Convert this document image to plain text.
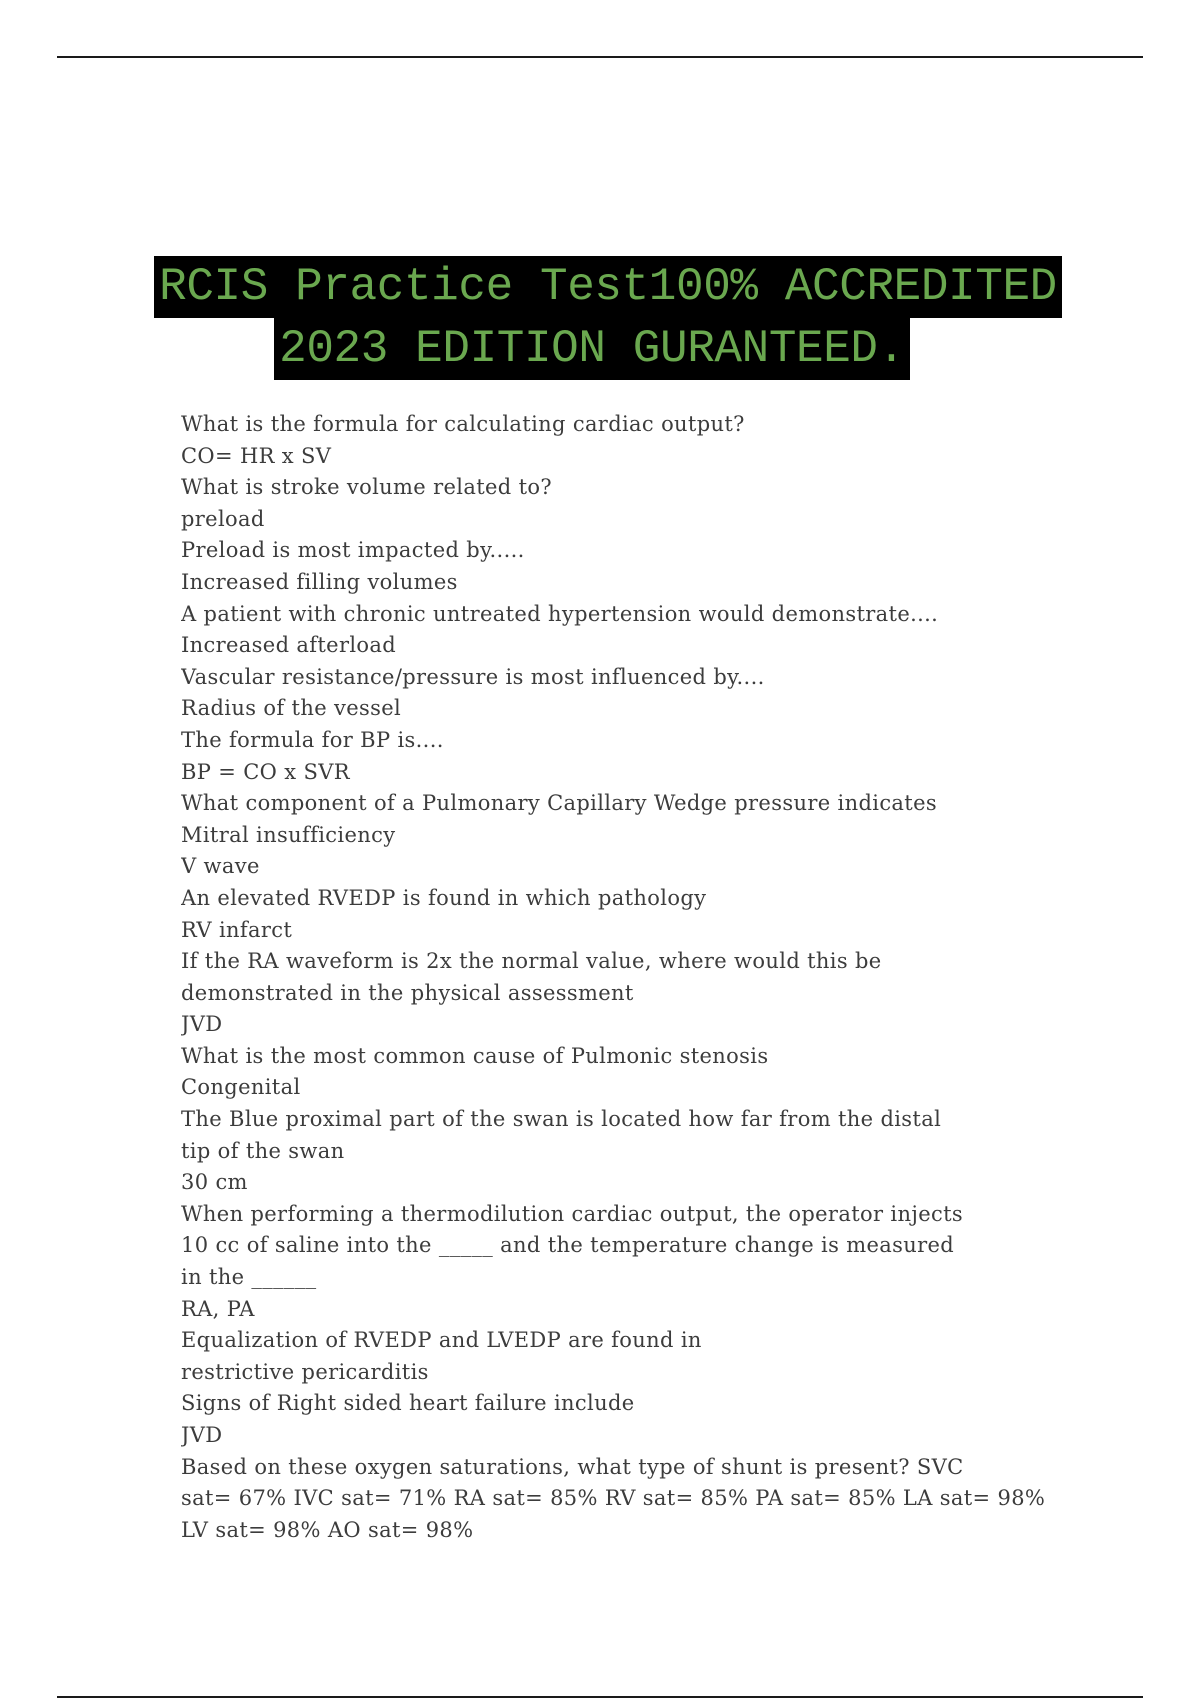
RCIS Practice Test100% ACCREDITED
2023 EDITION GURANTEED.
What is the formula for calculating cardiac output?
CO= HR x SV
What is stroke volume related to?
preload
Preload is most impacted by.....
Increased filling volumes
A patient with chronic untreated hypertension would demonstrate....
Increased afterload
Vascular resistance/pressure is most influenced by....
Radius of the vessel
The formula for BP is....
BP = CO x SVR
What component of a Pulmonary Capillary Wedge pressure indicates
Mitral insufficiency
V wave
An elevated RVEDP is found in which pathology
RV infarct
If the RA waveform is 2x the normal value, where would this be
demonstrated in the physical assessment
JVD
What is the most common cause of Pulmonic stenosis
Congenital
The Blue proximal part of the swan is located how far from the distal
tip of the swan
30 cm
When performing a thermodilution cardiac output, the operator injects
10 cc of saline into the _____ and the temperature change is measured
in the ______
RA, PA
Equalization of RVEDP and LVEDP are found in
restrictive pericarditis
Signs of Right sided heart failure include
JVD
Based on these oxygen saturations, what type of shunt is present? SVC
sat= 67% IVC sat= 71% RA sat= 85% RV sat= 85% PA sat= 85% LA sat= 98%
LV sat= 98% AO sat= 98%
